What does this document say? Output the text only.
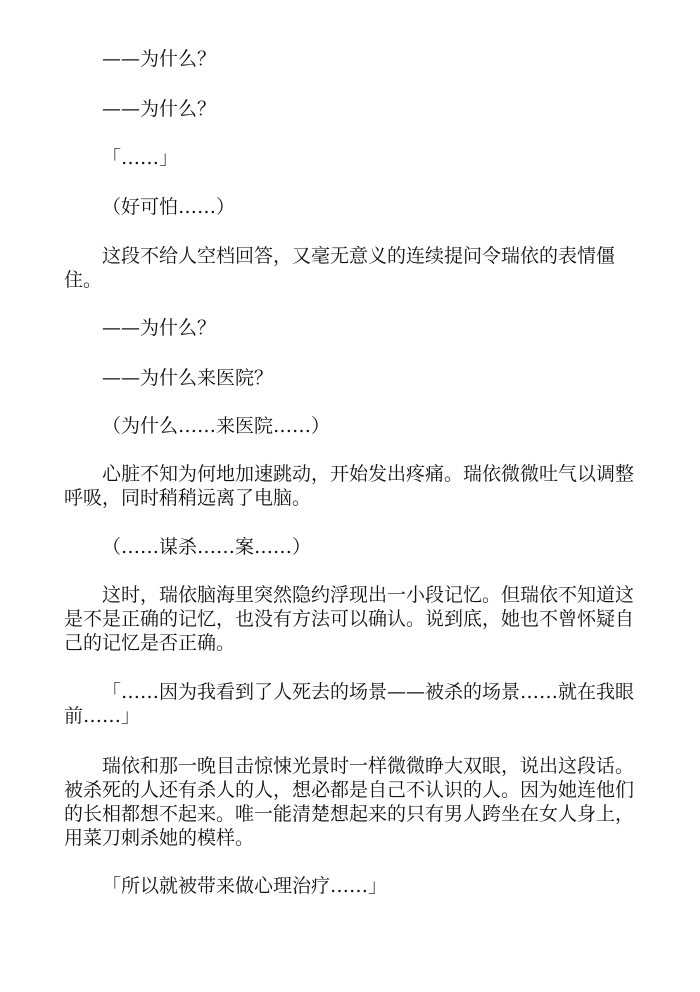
——为什么？

——为什么？

「……」

（好可怕……）

这段不给人空档回答，又毫无意义的连续提问令瑞依的表情僵住。

——为什么？

——为什么来医院？

（为什么……来医院……）

心脏不知为何地加速跳动，开始发出疼痛。瑞依微微吐气以调整呼吸，同时稍稍远离了电脑。

（……谋杀……案……）

这时，瑞依脑海里突然隐约浮现出一小段记忆。但瑞依不知道这是不是正确的记忆，也没有方法可以确认。说到底，她也不曾怀疑自己的记忆是否正确。

「……因为我看到了人死去的场景——被杀的场景……就在我眼前……」

瑞依和那一晚目击惊悚光景时一样微微睁大双眼，说出这段话。被杀死的人还有杀人的人，想必都是自己不认识的人。因为她连他们的长相都想不起来。唯一能清楚想起来的只有男人跨坐在女人身上，用菜刀刺杀她的模样。

「所以就被带来做心理治疗……」
